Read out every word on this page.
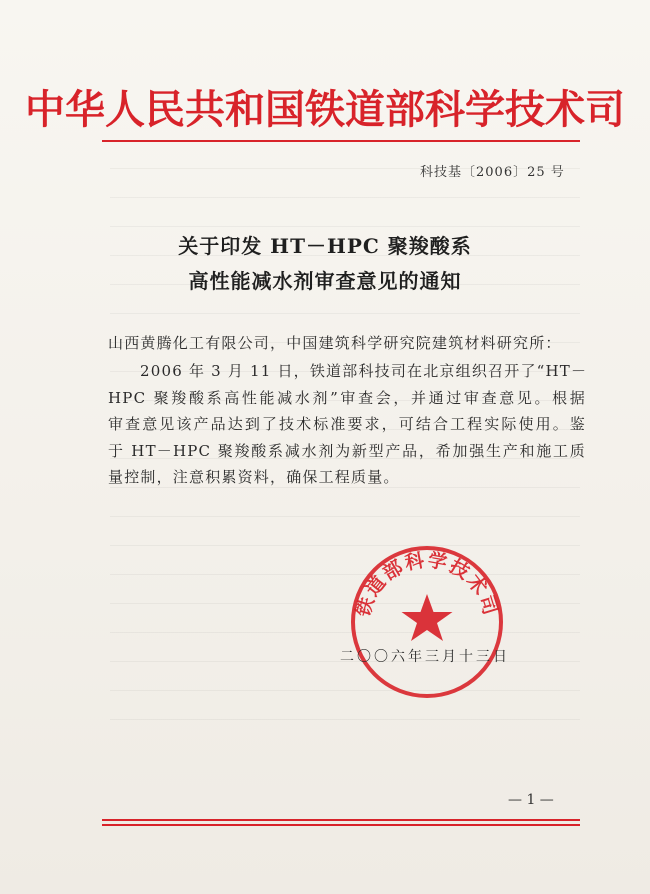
中华人民共和国铁道部科学技术司
科技基〔2006〕25 号
关于印发 HT－HPC 聚羧酸系
高性能减水剂审查意见的通知
山西黄腾化工有限公司，中国建筑科学研究院建筑材料研究所：
2006 年 3 月 11 日，铁道部科技司在北京组织召开了“HT－
HPC 聚羧酸系高性能减水剂”审查会，并通过审查意见。根据
审查意见该产品达到了技术标准要求，可结合工程实际使用。鉴
于 HT－HPC 聚羧酸系减水剂为新型产品，希加强生产和施工质
量控制，注意积累资料，确保工程质量。
铁道部科学技术司
二〇〇六年三月十三日
— 1 —
